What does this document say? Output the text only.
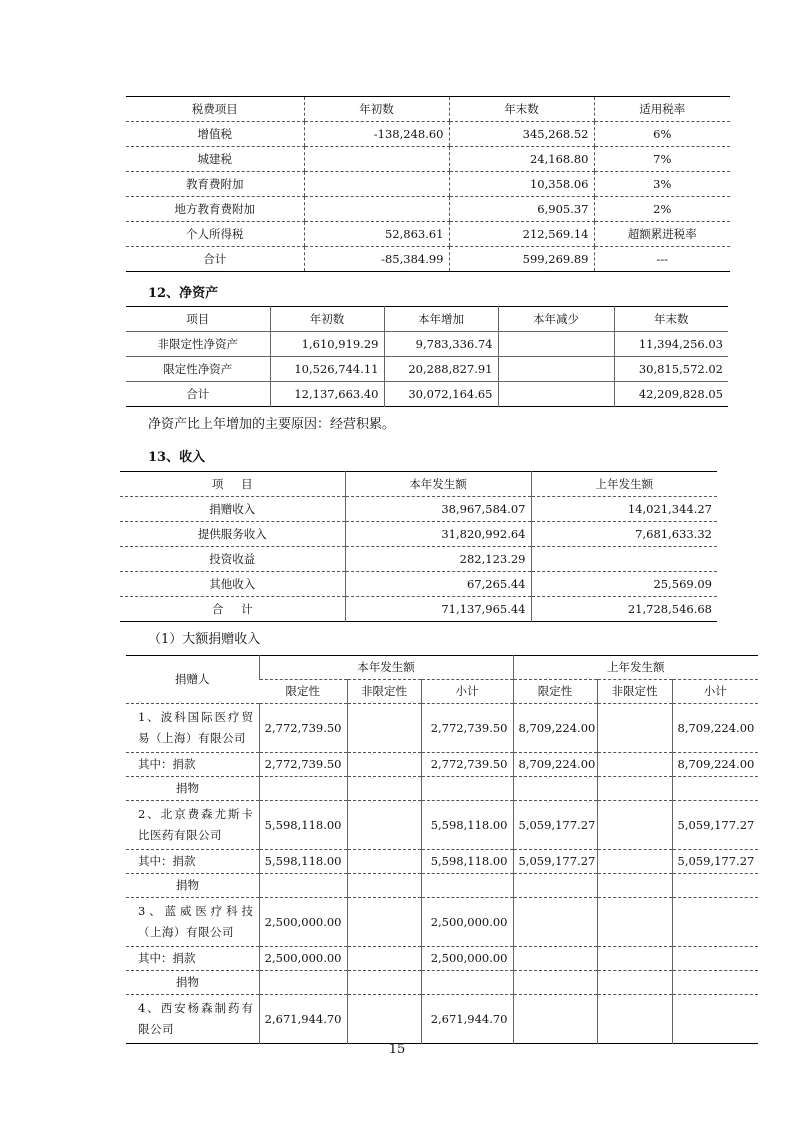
税费项目	年初数	年末数	适用税率
增值税	-138,248.60	345,268.52	6%
城建税		24,168.80	7%
教育费附加		10,358.06	3%
地方教育费附加		6,905.37	2%
个人所得税	52,863.61	212,569.14	超额累进税率
合计	-85,384.99	599,269.89	---
12、净资产
项目	年初数	本年增加	本年减少	年末数
非限定性净资产	1,610,919.29	9,783,336.74		11,394,256.03
限定性净资产	10,526,744.11	20,288,827.91		30,815,572.02
合计	12,137,663.40	30,072,164.65		42,209,828.05
净资产比上年增加的主要原因：经营积累。
13、收入
项 目	本年发生额	上年发生额
捐赠收入	38,967,584.07	14,021,344.27
提供服务收入	31,820,992.64	7,681,633.32
投资收益	282,123.29	
其他收入	67,265.44	25,569.09
合 计	71,137,965.44	21,728,546.68
（1）大额捐赠收入
捐赠人	本年发生额			上年发生额		
	限定性	非限定性	小计	限定性	非限定性	小计
1、波科国际医疗贸易（上海）有限公司	2,772,739.50		2,772,739.50	8,709,224.00		8,709,224.00
其中：捐款	2,772,739.50		2,772,739.50	8,709,224.00		8,709,224.00
捐物						
2、北京费森尤斯卡比医药有限公司	5,598,118.00		5,598,118.00	5,059,177.27		5,059,177.27
其中：捐款	5,598,118.00		5,598,118.00	5,059,177.27		5,059,177.27
捐物						
3、蓝威医疗科技（上海）有限公司	2,500,000.00		2,500,000.00			
其中：捐款	2,500,000.00		2,500,000.00			
捐物						
4、西安杨森制药有限公司	2,671,944.70		2,671,944.70			
15
